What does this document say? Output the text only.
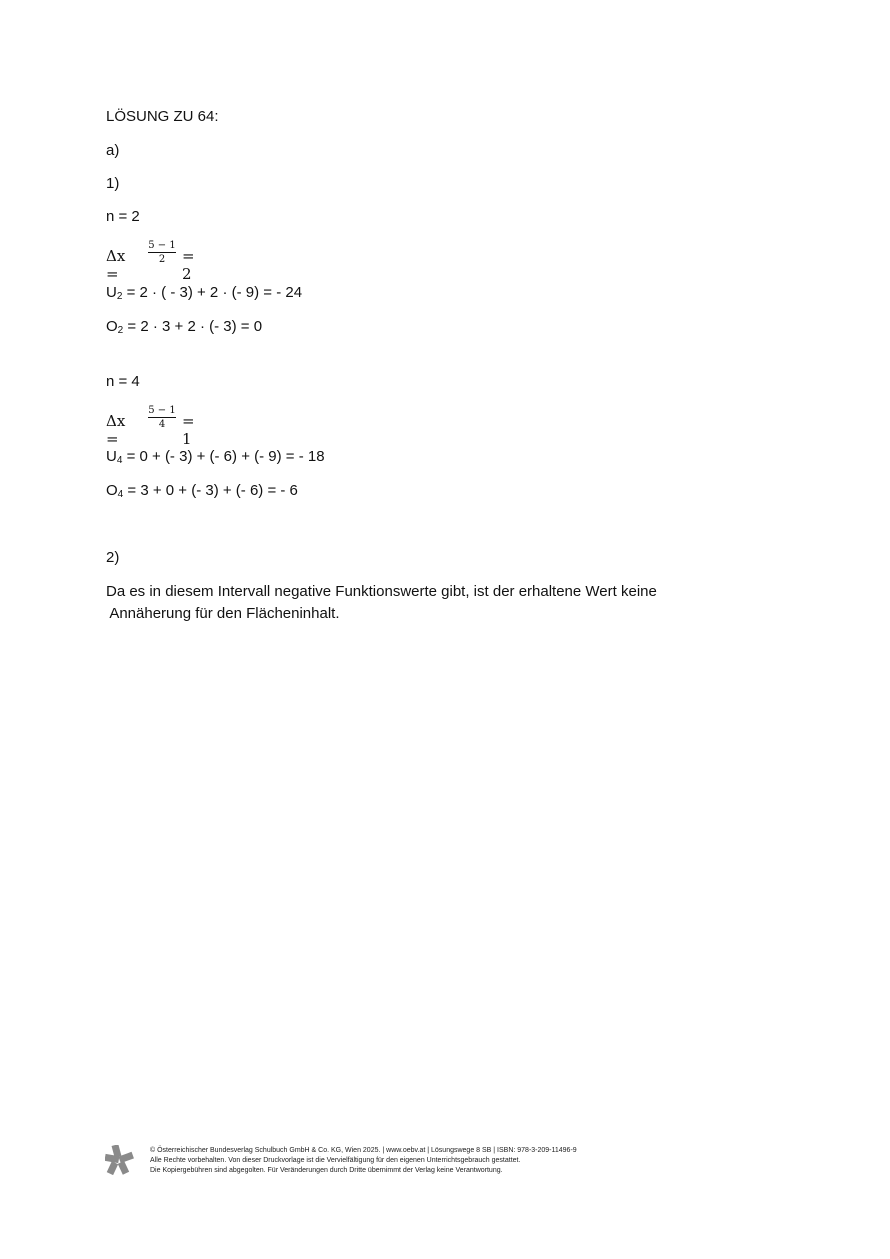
LÖSUNG ZU 64:
a)
1)
n = 2
Δx =
5 − 1
2 = 2
$U_2 = 2$ · ( - 3) + 2 · (- 9) = - 24
$O_2 = 2 \cdot 3 + 2$ · (- 3) = 0
n = 4
Δx =
5 − 1
4 = 1
$U_4 = 0$ + (- 3) + (- 6) + (- 9) = - 18
$O_4 = 3 + 0$ + (- 3) + (- 6) = - 6
2)
Da es in diesem Intervall negative Funktionswerte gibt, ist der erhaltene Wert keine
Annäherung für den Flächeninhalt.
© Österreichischer Bundesverlag Schulbuch GmbH & Co. KG, Wien 2025. | www.oebv.at | Lösungswege 8 SB | ISBN: 978-3-209-11496-9
Alle Rechte vorbehalten. Von dieser Druckvorlage ist die Vervielfältigung für den eigenen Unterrichtsgebrauch gestattet.
Die Kopiergebühren sind abgegolten. Für Veränderungen durch Dritte übernimmt der Verlag keine Verantwortung.
